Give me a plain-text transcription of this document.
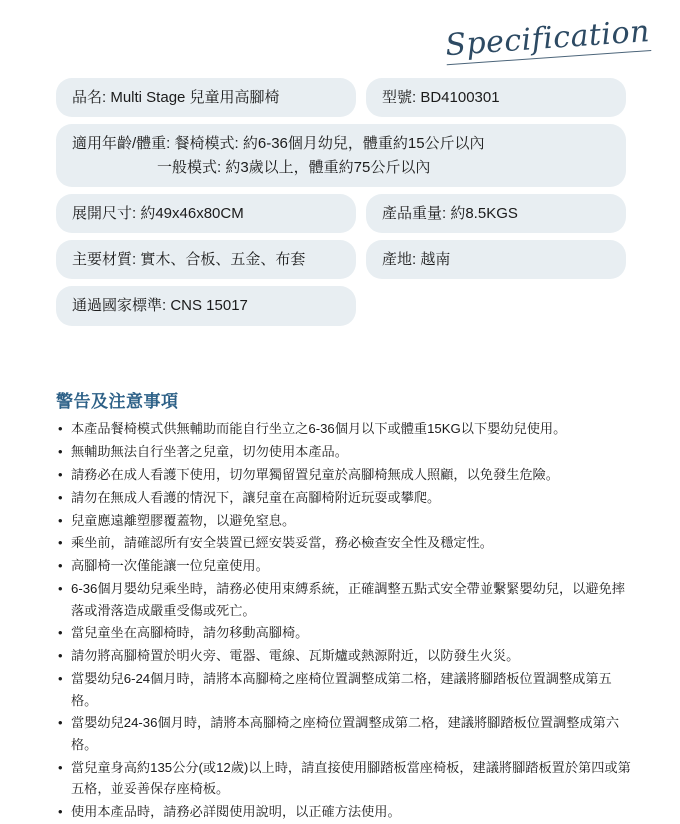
Specification
品名: Multi Stage 兒童用高腳椅	型號: BD4100301
適用年齡/體重: 餐椅模式: 約6-36個月幼兒，體重約15公斤以內
一般模式: 約3歲以上，體重約75公斤以內
展開尺寸: 約49x46x80CM	產品重量: 約8.5KGS
主要材質: 實木、合板、五金、布套	產地: 越南
通過國家標準: CNS 15017
警告及注意事項
• 本產品餐椅模式供無輔助而能自行坐立之6-36個月以下或體重15KG以下嬰幼兒使用。
• 無輔助無法自行坐著之兒童，切勿使用本產品。
• 請務必在成人看護下使用，切勿單獨留置兒童於高腳椅無成人照顧，以免發生危險。
• 請勿在無成人看護的情況下，讓兒童在高腳椅附近玩耍或攀爬。
• 兒童應遠離塑膠覆蓋物，以避免窒息。
• 乘坐前，請確認所有安全裝置已經安裝妥當，務必檢查安全性及穩定性。
• 高腳椅一次僅能讓一位兒童使用。
• 6-36個月嬰幼兒乘坐時，請務必使用束縛系統，正確調整五點式安全帶並繫緊嬰幼兒，以避免摔落或滑落造成嚴重受傷或死亡。
• 當兒童坐在高腳椅時，請勿移動高腳椅。
• 請勿將高腳椅置於明火旁、電器、電線、瓦斯爐或熱源附近，以防發生火災。
• 當嬰幼兒6-24個月時，請將本高腳椅之座椅位置調整成第二格，建議將腳踏板位置調整成第五格。
• 當嬰幼兒24-36個月時，請將本高腳椅之座椅位置調整成第二格，建議將腳踏板位置調整成第六格。
• 當兒童身高約135公分(或12歲)以上時，請直接使用腳踏板當座椅板，建議將腳踏板置於第四或第五格，並妥善保存座椅板。
• 使用本產品時，請務必詳閱使用說明，以正確方法使用。
